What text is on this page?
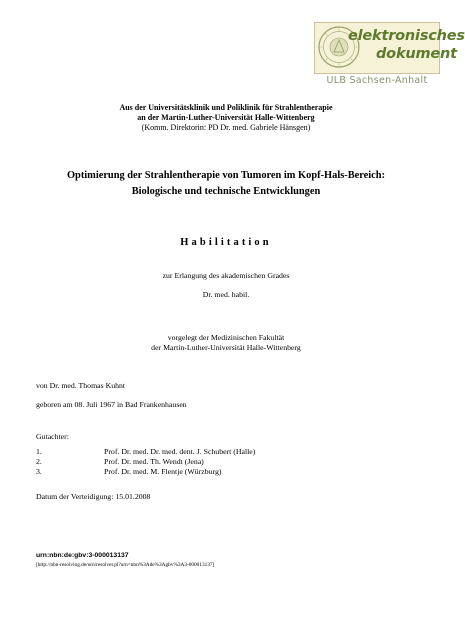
elektronisches
dokument
ULB Sachsen-Anhalt
Aus der Universitätsklinik und Poliklinik für Strahlentherapie
an der Martin-Luther-Universität Halle-Wittenberg
(Komm. Direktorin: PD Dr. med. Gabriele Hänsgen)
Optimierung der Strahlentherapie von Tumoren im Kopf-Hals-Bereich:
Biologische und technische Entwicklungen
Habilitation
zur Erlangung des akademischen Grades
Dr. med. habil.
vorgelegt der Medizinischen Fakultät
der Martin-Luther-Universität Halle-Wittenberg
von Dr. med. Thomas Kuhnt
geboren am 08. Juli 1967 in Bad Frankenhausen
Gutachter:
1.	Prof. Dr. med. Dr. med. dent. J. Schubert (Halle)
2.	Prof. Dr. med. Th. Wendt (Jena)
3.	Prof. Dr. med. M. Flentje (Würzburg)
Datum der Verteidigung: 15.01.2008
urn:nbn:de:gbv:3-000013137
[http://nbn-resolving.de/urn/resolver.pl?urn=nbn%3Ade%3Agbv%3A3-000013137]
